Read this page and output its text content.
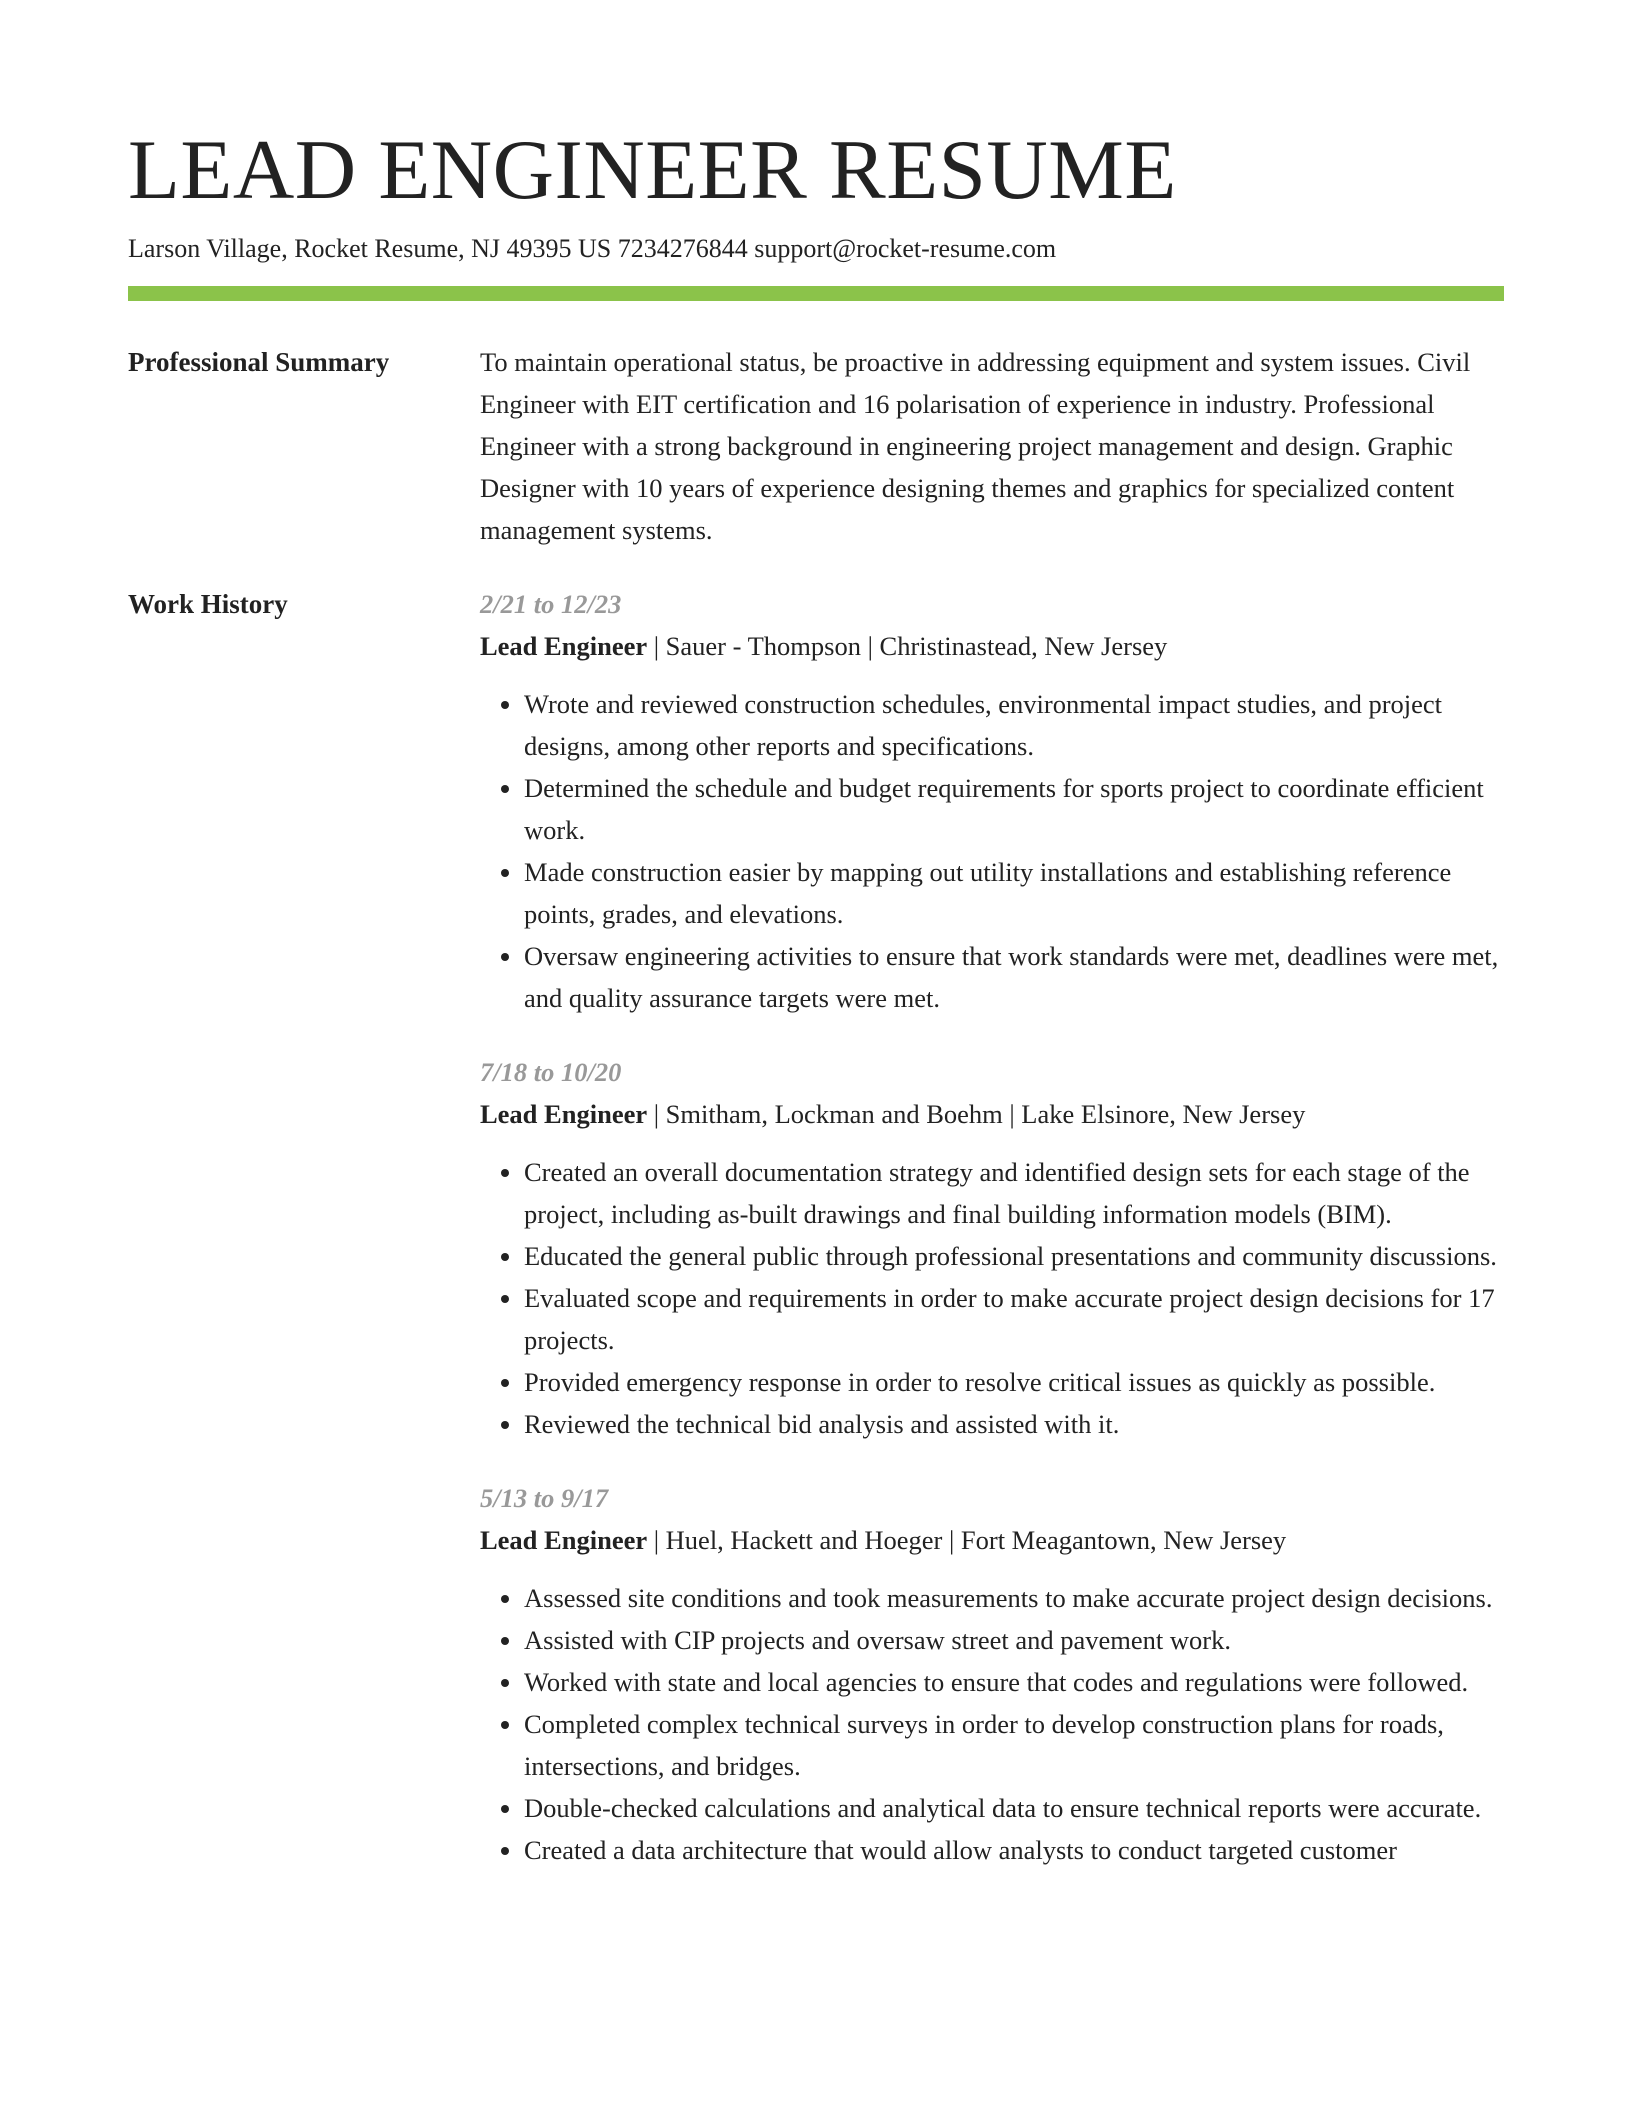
LEAD ENGINEER RESUME
Larson Village, Rocket Resume, NJ 49395 US 7234276844 support@rocket-resume.com
Professional Summary	To maintain operational status, be proactive in addressing equipment and system issues. Civil Engineer with EIT certification and 16 polarisation of experience in industry. Professional Engineer with a strong background in engineering project management and design. Graphic Designer with 10 years of experience designing themes and graphics for specialized content management systems.

Work History	2/21 to 12/23

Lead Engineer | Sauer - Thompson | Christinastead, New Jersey

• Wrote and reviewed construction schedules, environmental impact studies, and project designs, among other reports and specifications.
• Determined the schedule and budget requirements for sports project to coordinate efficient work.
• Made construction easier by mapping out utility installations and establishing reference points, grades, and elevations.
• Oversaw engineering activities to ensure that work standards were met, deadlines were met, and quality assurance targets were met.
7/18 to 10/20

Lead Engineer | Smitham, Lockman and Boehm | Lake Elsinore, New Jersey

• Created an overall documentation strategy and identified design sets for each stage of the project, including as-built drawings and final building information models (BIM).
• Educated the general public through professional presentations and community discussions.
• Evaluated scope and requirements in order to make accurate project design decisions for 17 projects.
• Provided emergency response in order to resolve critical issues as quickly as possible.
• Reviewed the technical bid analysis and assisted with it.
5/13 to 9/17

Lead Engineer | Huel, Hackett and Hoeger | Fort Meagantown, New Jersey

• Assessed site conditions and took measurements to make accurate project design decisions.
• Assisted with CIP projects and oversaw street and pavement work.
• Worked with state and local agencies to ensure that codes and regulations were followed.
• Completed complex technical surveys in order to develop construction plans for roads, intersections, and bridges.
• Double-checked calculations and analytical data to ensure technical reports were accurate.
• Created a data architecture that would allow analysts to conduct targeted customer
